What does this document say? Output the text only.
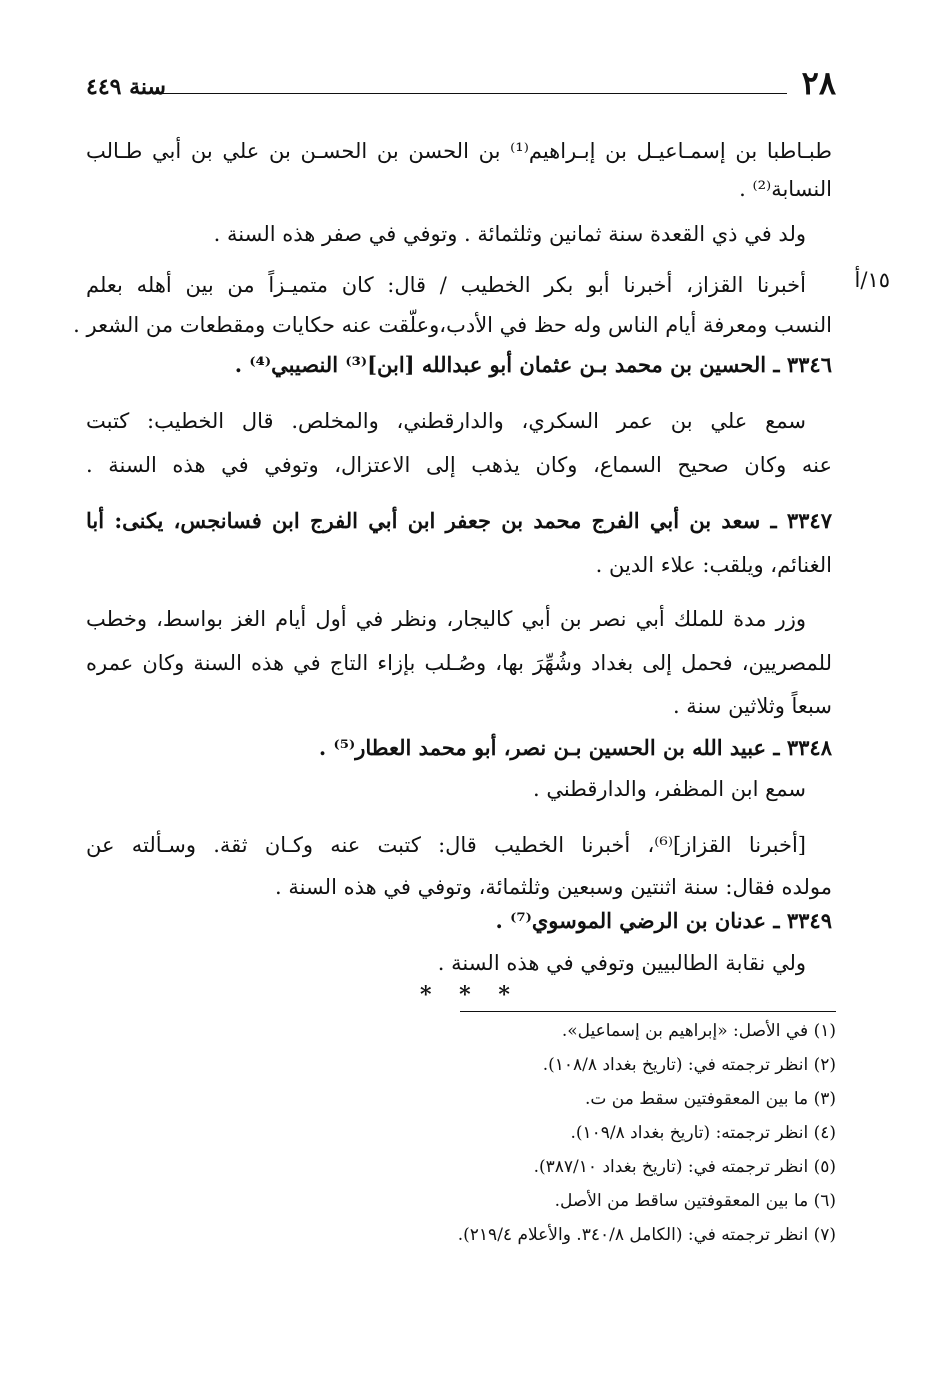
٢٨
سنة ٤٤٩
١٥/أ
طبـاطبا بن إسمـاعيـل بن إبـراهيم⁽¹⁾ بن الحسن بن الحسـن بن علي بن أبي طـالب
النسابة⁽²⁾ .
ولد في ذي القعدة سنة ثمانين وثلثمائة . وتوفي في صفر هذه السنة .
أخبرنا القزاز، أخبرنا أبو بكر الخطيب / قال: كان متميـزاً من بين أهله بعلم
النسب ومعرفة أيام الناس وله حظ في الأدب،وعلّقت عنه حكايات ومقطعات من الشعر .
٣٣٤٦ ـ الحسين بن محمد بـن عثمان أبو عبدالله [ابن]⁽³⁾ النصيبي⁽⁴⁾ .
سمع علي بن عمر السكري، والدارقطني، والمخلص. قال الخطيب: كتبت
عنه وكان صحيح السماع، وكان يذهب إلى الاعتزال، وتوفي في هذه السنة .
٣٣٤٧ ـ سعد بن أبي الفرج محمد بن جعفر ابن أبي الفرج ابن فسانجس، يكنى: أبا
الغنائم، ويلقب: علاء الدين .
وزر مدة للملك أبي نصر بن أبي كاليجار، ونظر في أول أيام الغز بواسط، وخطب
للمصريين، فحمل إلى بغداد وشُهِّرَ بها، وصُـلب بإزاء التاج في هذه السنة وكان عمره
سبعاً وثلاثين سنة .
٣٣٤٨ ـ عبيد الله بن الحسين بـن نصر، أبو محمد العطار⁽⁵⁾ .
سمع ابن المظفر، والدارقطني .
[أخبرنا القزاز]⁽⁶⁾، أخبرنا الخطيب قال: كتبت عنه وكـان ثقة. وسـألته عن
مولده فقال: سنة اثنتين وسبعين وثلثمائة، وتوفي في هذه السنة .
٣٣٤٩ ـ عدنان بن الرضي الموسوي⁽⁷⁾ .
ولي نقابة الطالبيين وتوفي في هذه السنة .
* * *
(١) في الأصل: «إبراهيم بن إسماعيل».
(٢) انظر ترجمته في: (تاريخ بغداد ١٠٨/٨).
(٣) ما بين المعقوفتين سقط من ت.
(٤) انظر ترجمته: (تاريخ بغداد ١٠٩/٨).
(٥) انظر ترجمته في: (تاريخ بغداد ٣٨٧/١٠).
(٦) ما بين المعقوفتين ساقط من الأصل.
(٧) انظر ترجمته في: (الكامل ٣٤٠/٨. والأعلام ٢١٩/٤).
